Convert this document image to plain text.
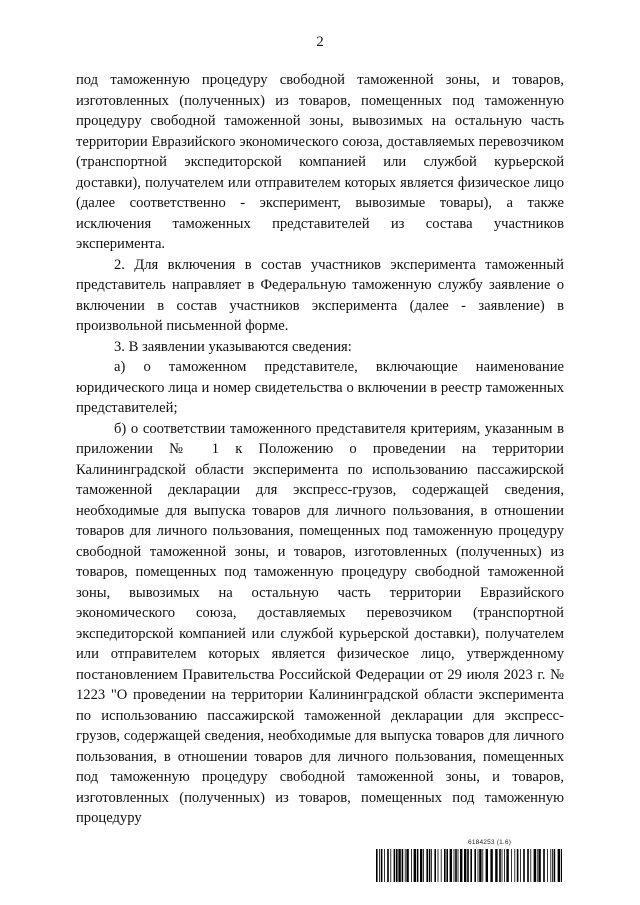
2

под таможенную процедуру свободной таможенной зоны, и товаров, изготовленных (полученных) из товаров, помещенных под таможенную процедуру свободной таможенной зоны, вывозимых на остальную часть территории Евразийского экономического союза, доставляемых перевозчиком (транспортной экспедиторской компанией или службой курьерской доставки), получателем или отправителем которых является физическое лицо (далее соответственно - эксперимент, вывозимые товары), а также исключения таможенных представителей из состава участников эксперимента.

2. Для включения в состав участников эксперимента таможенный представитель направляет в Федеральную таможенную службу заявление о включении в состав участников эксперимента (далее - заявление) в произвольной письменной форме.

3. В заявлении указываются сведения:

а) о таможенном представителе, включающие наименование юридического лица и номер свидетельства о включении в реестр таможенных представителей;

б) о соответствии таможенного представителя критериям, указанным в приложении № 1 к Положению о проведении на территории Калининградской области эксперимента по использованию пассажирской таможенной декларации для экспресс-грузов, содержащей сведения, необходимые для выпуска товаров для личного пользования, в отношении товаров для личного пользования, помещенных под таможенную процедуру свободной таможенной зоны, и товаров, изготовленных (полученных) из товаров, помещенных под таможенную процедуру свободной таможенной зоны, вывозимых на остальную часть территории Евразийского экономического союза, доставляемых перевозчиком (транспортной экспедиторской компанией или службой курьерской доставки), получателем или отправителем которых является физическое лицо, утвержденному постановлением Правительства Российской Федерации от 29 июля 2023 г. № 1223 "О проведении на территории Калининградской области эксперимента по использованию пассажирской таможенной декларации для экспресс-грузов, содержащей сведения, необходимые для выпуска товаров для личного пользования, в отношении товаров для личного пользования, помещенных под таможенную процедуру свободной таможенной зоны, и товаров, изготовленных (полученных) из товаров, помещенных под таможенную процедуру

6184253 (1.6)
